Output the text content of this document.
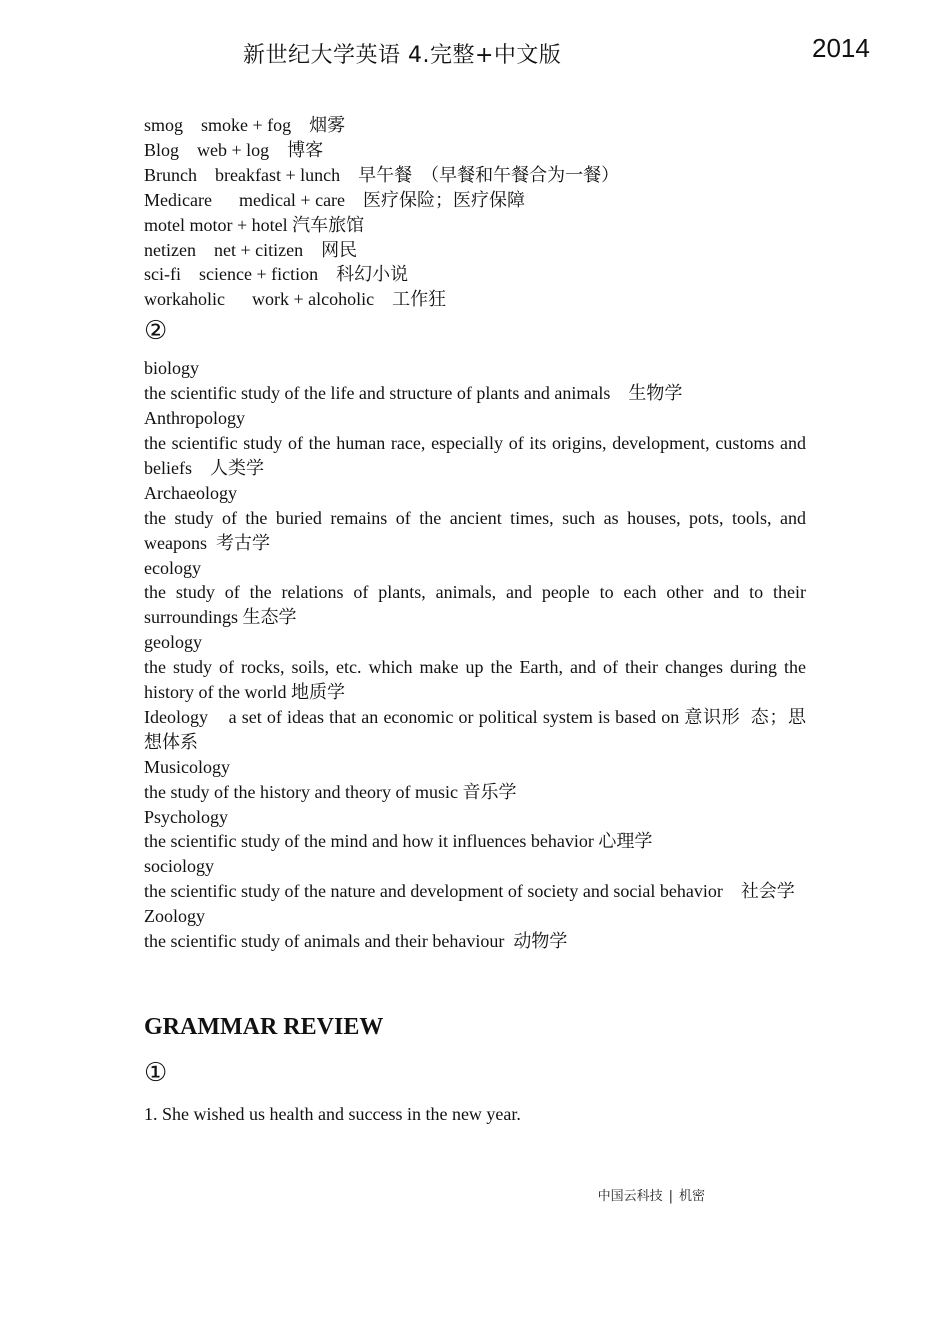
新世纪大学英语 4.完整+中文版	2014

smog    smoke + fog    烟雾

Blog    web + log    博客

Brunch    breakfast + lunch    早午餐  （早餐和午餐合为一餐）

Medicare      medical + care    医疗保险；医疗保障

motel motor + hotel 汽车旅馆

netizen    net + citizen    网民

sci-fi    science + fiction    科幻小说

workaholic      work + alcoholic    工作狂

②

biology

the scientific study of the life and structure of plants and animals    生物学

Anthropology

the scientific study of the human race, especially of its origins, development, customs and beliefs    人类学

Archaeology

the study of the buried remains of the ancient times, such as houses, pots, tools, and weapons  考古学

ecology

the study of the relations of plants, animals, and people to each other and to their surroundings 生态学

geology

the study of rocks, soils, etc. which make up the Earth, and of their changes during the history of the world 地质学

Ideology    a set of ideas that an economic or political system is based on 意识形  态；思想体系

Musicology

the study of the history and theory of music 音乐学

Psychology

the scientific study of the mind and how it influences behavior 心理学

sociology

the scientific study of the nature and development of society and social behavior    社会学

Zoology

the scientific study of animals and their behaviour  动物学

GRAMMAR REVIEW
①

1. She wished us health and success in the new year.

中国云科技 | 机密
